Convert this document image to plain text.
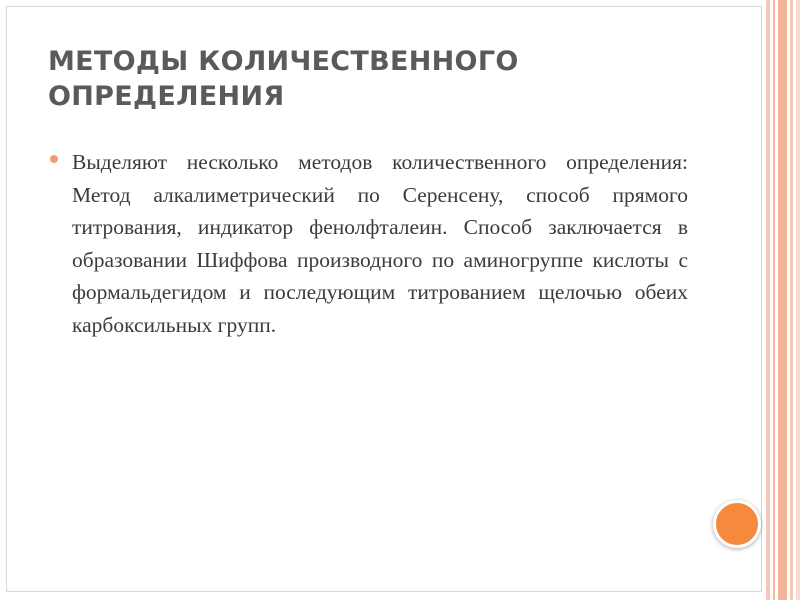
МЕТОДЫ КОЛИЧЕСТВЕННОГО ОПРЕДЕЛЕНИЯ

Выделяют несколько методов количественного определения: Метод алкалиметрический по Серенсену, способ прямого титрования, индикатор фенолфталеин. Способ заключается в образовании Шиффова производного по аминогруппе кислоты с формальдегидом и последующим титрованием щелочью обеих карбоксильных групп.
